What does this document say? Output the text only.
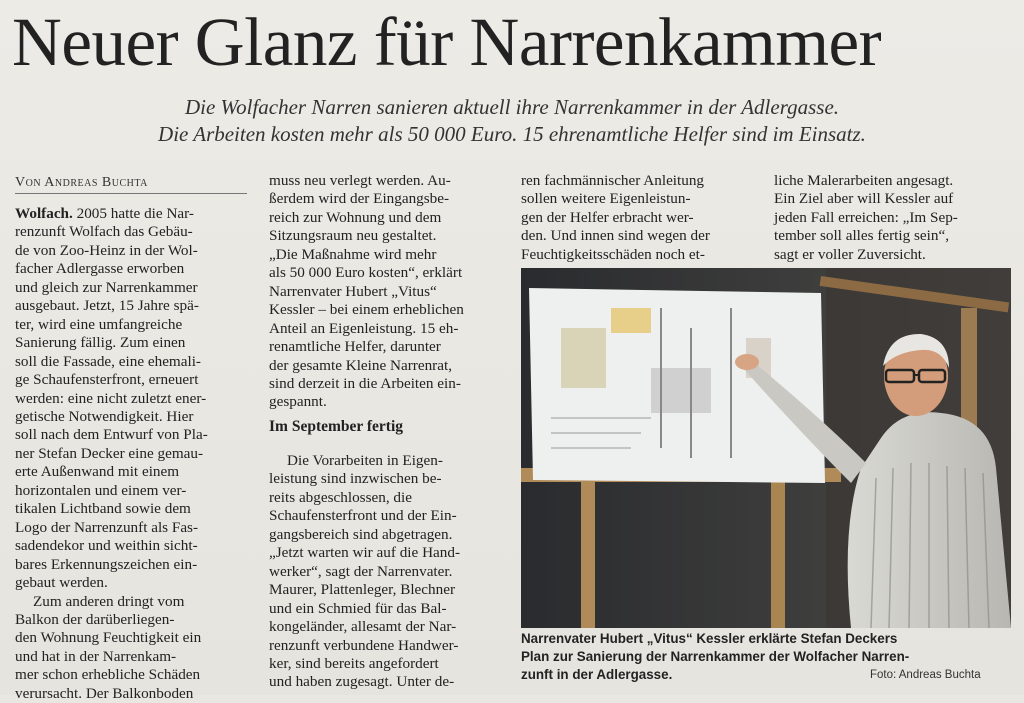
Neuer Glanz für Narrenkammer
Die Wolfacher Narren sanieren aktuell ihre Narrenkammer in der Adlergasse.
Die Arbeiten kosten mehr als 50 000 Euro. 15 ehrenamtliche Helfer sind im Einsatz.
Von Andreas Buchta
Wolfach. 2005 hatte die Nar-
renzunft Wolfach das Gebäu-
de von Zoo-Heinz in der Wol-
facher Adlergasse erworben
und gleich zur Narrenkammer
ausgebaut. Jetzt, 15 Jahre spä-
ter, wird eine umfangreiche
Sanierung fällig. Zum einen
soll die Fassade, eine ehemali-
ge Schaufensterfront, erneuert
werden: eine nicht zuletzt ener-
getische Notwendigkeit. Hier
soll nach dem Entwurf von Pla-
ner Stefan Decker eine gemau-
erte Außenwand mit einem
horizontalen und einem ver-
tikalen Lichtband sowie dem
Logo der Narrenzunft als Fas-
sadendekor und weithin sicht-
bares Erkennungszeichen ein-
gebaut werden.
Zum anderen dringt vom
Balkon der darüberliegen-
den Wohnung Feuchtigkeit ein
und hat in der Narrenkam-
mer schon erhebliche Schäden
verursacht. Der Balkonboden
muss neu verlegt werden. Au-
ßerdem wird der Eingangsbe-
reich zur Wohnung und dem
Sitzungsraum neu gestaltet.
„Die Maßnahme wird mehr
als 50 000 Euro kosten“, erklärt
Narrenvater Hubert „Vitus“
Kessler – bei einem erheblichen
Anteil an Eigenleistung. 15 eh-
renamtliche Helfer, darunter
der gesamte Kleine Narrenrat,
sind derzeit in die Arbeiten ein-
gespannt.
Im September fertig
Die Vorarbeiten in Eigen-
leistung sind inzwischen be-
reits abgeschlossen, die
Schaufensterfront und der Ein-
gangsbereich sind abgetragen.
„Jetzt warten wir auf die Hand-
werker“, sagt der Narrenvater.
Maurer, Plattenleger, Blechner
und ein Schmied für das Bal-
kongeländer, allesamt der Nar-
renzunft verbundene Handwer-
ker, sind bereits angefordert
und haben zugesagt. Unter de-
ren fachmännischer Anleitung
sollen weitere Eigenleistun-
gen der Helfer erbracht wer-
den. Und innen sind wegen der
Feuchtigkeitsschäden noch et-
liche Malerarbeiten angesagt.
Ein Ziel aber will Kessler auf
jeden Fall erreichen: „Im Sep-
tember soll alles fertig sein“,
sagt er voller Zuversicht.
Narrenvater Hubert „Vitus“ Kessler erklärte Stefan Deckers
Plan zur Sanierung der Narrenkammer der Wolfacher Narren-
zunft in der Adlergasse.	Foto: Andreas Buchta
